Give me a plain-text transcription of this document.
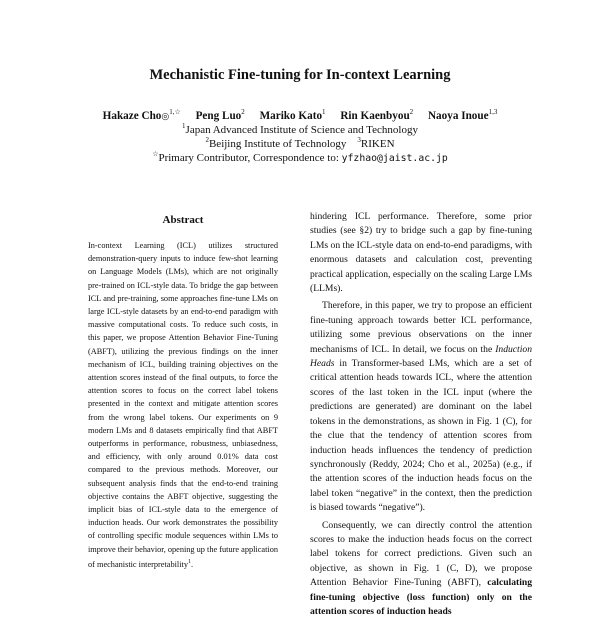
Mechanistic Fine-tuning for In-context Learning
Hakaze Cho◎$^{1,☆}$ Peng Luo$^2$ Mariko Kato$^1$ Rin Kaenbyou$^2$ Naoya Inoue$^{1,3}$
$^1$Japan Advanced Institute of Science and Technology
$^2$Beijing Institute of Technology $^3$RIKEN
☆Primary Contributor, Correspondence to: yfzhao@jaist.ac.jp
Abstract
In-context Learning (ICL) utilizes structured demonstration-query inputs to induce few-shot learning on Language Models (LMs), which are not originally pre-trained on ICL-style data. To bridge the gap between ICL and pre-training, some approaches fine-tune LMs on large ICL-style datasets by an end-to-end paradigm with massive computational costs. To reduce such costs, in this paper, we propose Attention Behavior Fine-Tuning (ABFT), utilizing the previous findings on the inner mechanism of ICL, building training objectives on the attention scores instead of the final outputs, to force the attention scores to focus on the correct label tokens presented in the context and mitigate attention scores from the wrong label tokens. Our experiments on 9 modern LMs and 8 datasets empirically find that ABFT outperforms in performance, robustness, unbiasedness, and efficiency, with only around 0.01% data cost compared to the previous methods. Moreover, our subsequent analysis finds that the end-to-end training objective contains the ABFT objective, suggesting the implicit bias of ICL-style data to the emergence of induction heads. Our work demonstrates the possibility of controlling specific module sequences within LMs to improve their behavior, opening up the future application of mechanistic interpretability$^1$.

hindering ICL performance. Therefore, some prior studies (see §2) try to bridge such a gap by fine-tuning LMs on the ICL-style data on end-to-end paradigms, with enormous datasets and calculation cost, preventing practical application, especially on the scaling Large LMs (LLMs).

Therefore, in this paper, we try to propose an efficient fine-tuning approach towards better ICL performance, utilizing some previous observations on the inner mechanisms of ICL. In detail, we focus on the Induction Heads in Transformer-based LMs, which are a set of critical attention heads towards ICL, where the attention scores of the last token in the ICL input (where the predictions are generated) are dominant on the label tokens in the demonstrations, as shown in Fig. 1 (C), for the clue that the tendency of attention scores from induction heads influences the tendency of prediction synchronously (Reddy, 2024; Cho et al., 2025a) (e.g., if the attention scores of the induction heads focus on the label token “negative” in the context, then the prediction is biased towards “negative”).

Consequently, we can directly control the attention scores to make the induction heads focus on the correct label tokens for correct predictions. Given such an objective, as shown in Fig. 1 (C, D), we propose Attention Behavior Fine-Tuning (ABFT), calculating fine-tuning objective (loss function) only on the attention scores of induction heads
